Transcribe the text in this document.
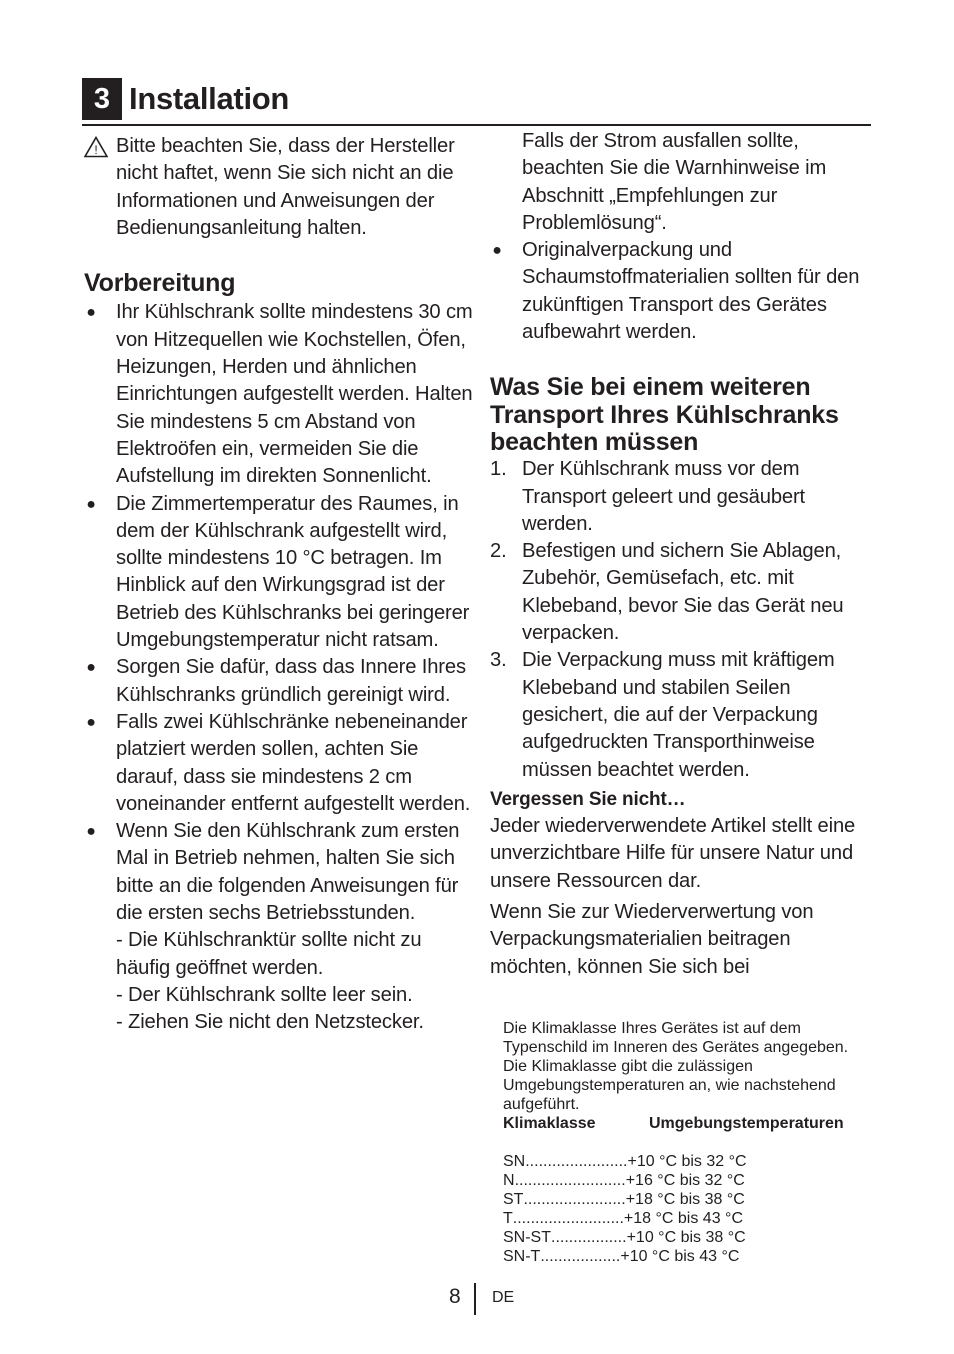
3 Installation
! Bitte beachten Sie, dass der Hersteller nicht haftet, wenn Sie sich nicht an die Informationen und Anweisungen der Bedienungsanleitung halten.

Vorbereitung
● Ihr Kühlschrank sollte mindestens 30 cm von Hitzequellen wie Kochstellen, Öfen, Heizungen, Herden und ähnlichen Einrichtungen aufgestellt werden. Halten Sie mindestens 5 cm Abstand von Elektroöfen ein, vermeiden Sie die Aufstellung im direkten Sonnenlicht.
● Die Zimmertemperatur des Raumes, in dem der Kühlschrank aufgestellt wird, sollte mindestens 10 °C betragen. Im Hinblick auf den Wirkungsgrad ist der Betrieb des Kühlschranks bei geringerer Umgebungstemperatur nicht ratsam.
● Sorgen Sie dafür, dass das Innere Ihres Kühlschranks gründlich gereinigt wird.
● Falls zwei Kühlschränke nebeneinander platziert werden sollen, achten Sie darauf, dass sie mindestens 2 cm voneinander entfernt aufgestellt werden.
● Wenn Sie den Kühlschrank zum ersten Mal in Betrieb nehmen, halten Sie sich bitte an die folgenden Anweisungen für die ersten sechs Betriebsstunden.

- Die Kühlschranktür sollte nicht zu häufig geöffnet werden.

- Der Kühlschrank sollte leer sein.

- Ziehen Sie nicht den Netzstecker.

Falls der Strom ausfallen sollte, beachten Sie die Warnhinweise im Abschnitt „Empfehlungen zur Problemlösung“.

● Originalverpackung und Schaumstoffmaterialien sollten für den zukünftigen Transport des Gerätes aufbewahrt werden.
Was Sie bei einem weiteren Transport Ihres Kühlschranks beachten müssen
1. Der Kühlschrank muss vor dem Transport geleert und gesäubert werden.
2. Befestigen und sichern Sie Ablagen, Zubehör, Gemüsefach, etc. mit Klebeband, bevor Sie das Gerät neu verpacken.
3. Die Verpackung muss mit kräftigem Klebeband und stabilen Seilen gesichert, die auf der Verpackung aufgedruckten Transporthinweise müssen beachtet werden.

Vergessen Sie nicht…

Jeder wiederverwendete Artikel stellt eine unverzichtbare Hilfe für unsere Natur und unsere Ressourcen dar.

Wenn Sie zur Wiederverwertung von Verpackungsmaterialien beitragen möchten, können Sie sich bei

Die Klimaklasse Ihres Gerätes ist auf dem Typenschild im Inneren des Gerätes angegeben. Die Klimaklasse gibt die zulässigen Umgebungstemperaturen an, wie nachstehend aufgeführt.

Klimaklasse	Umgebungstemperaturen
SN ....................... +10 °C bis 32 °C
N ......................... +16 °C bis 32 °C
ST ....................... +18 °C bis 38 °C
T ......................... +18 °C bis 43 °C
SN-ST ................. +10 °C bis 38 °C
SN-T .................. +10 °C bis 43 °C
8 DE
